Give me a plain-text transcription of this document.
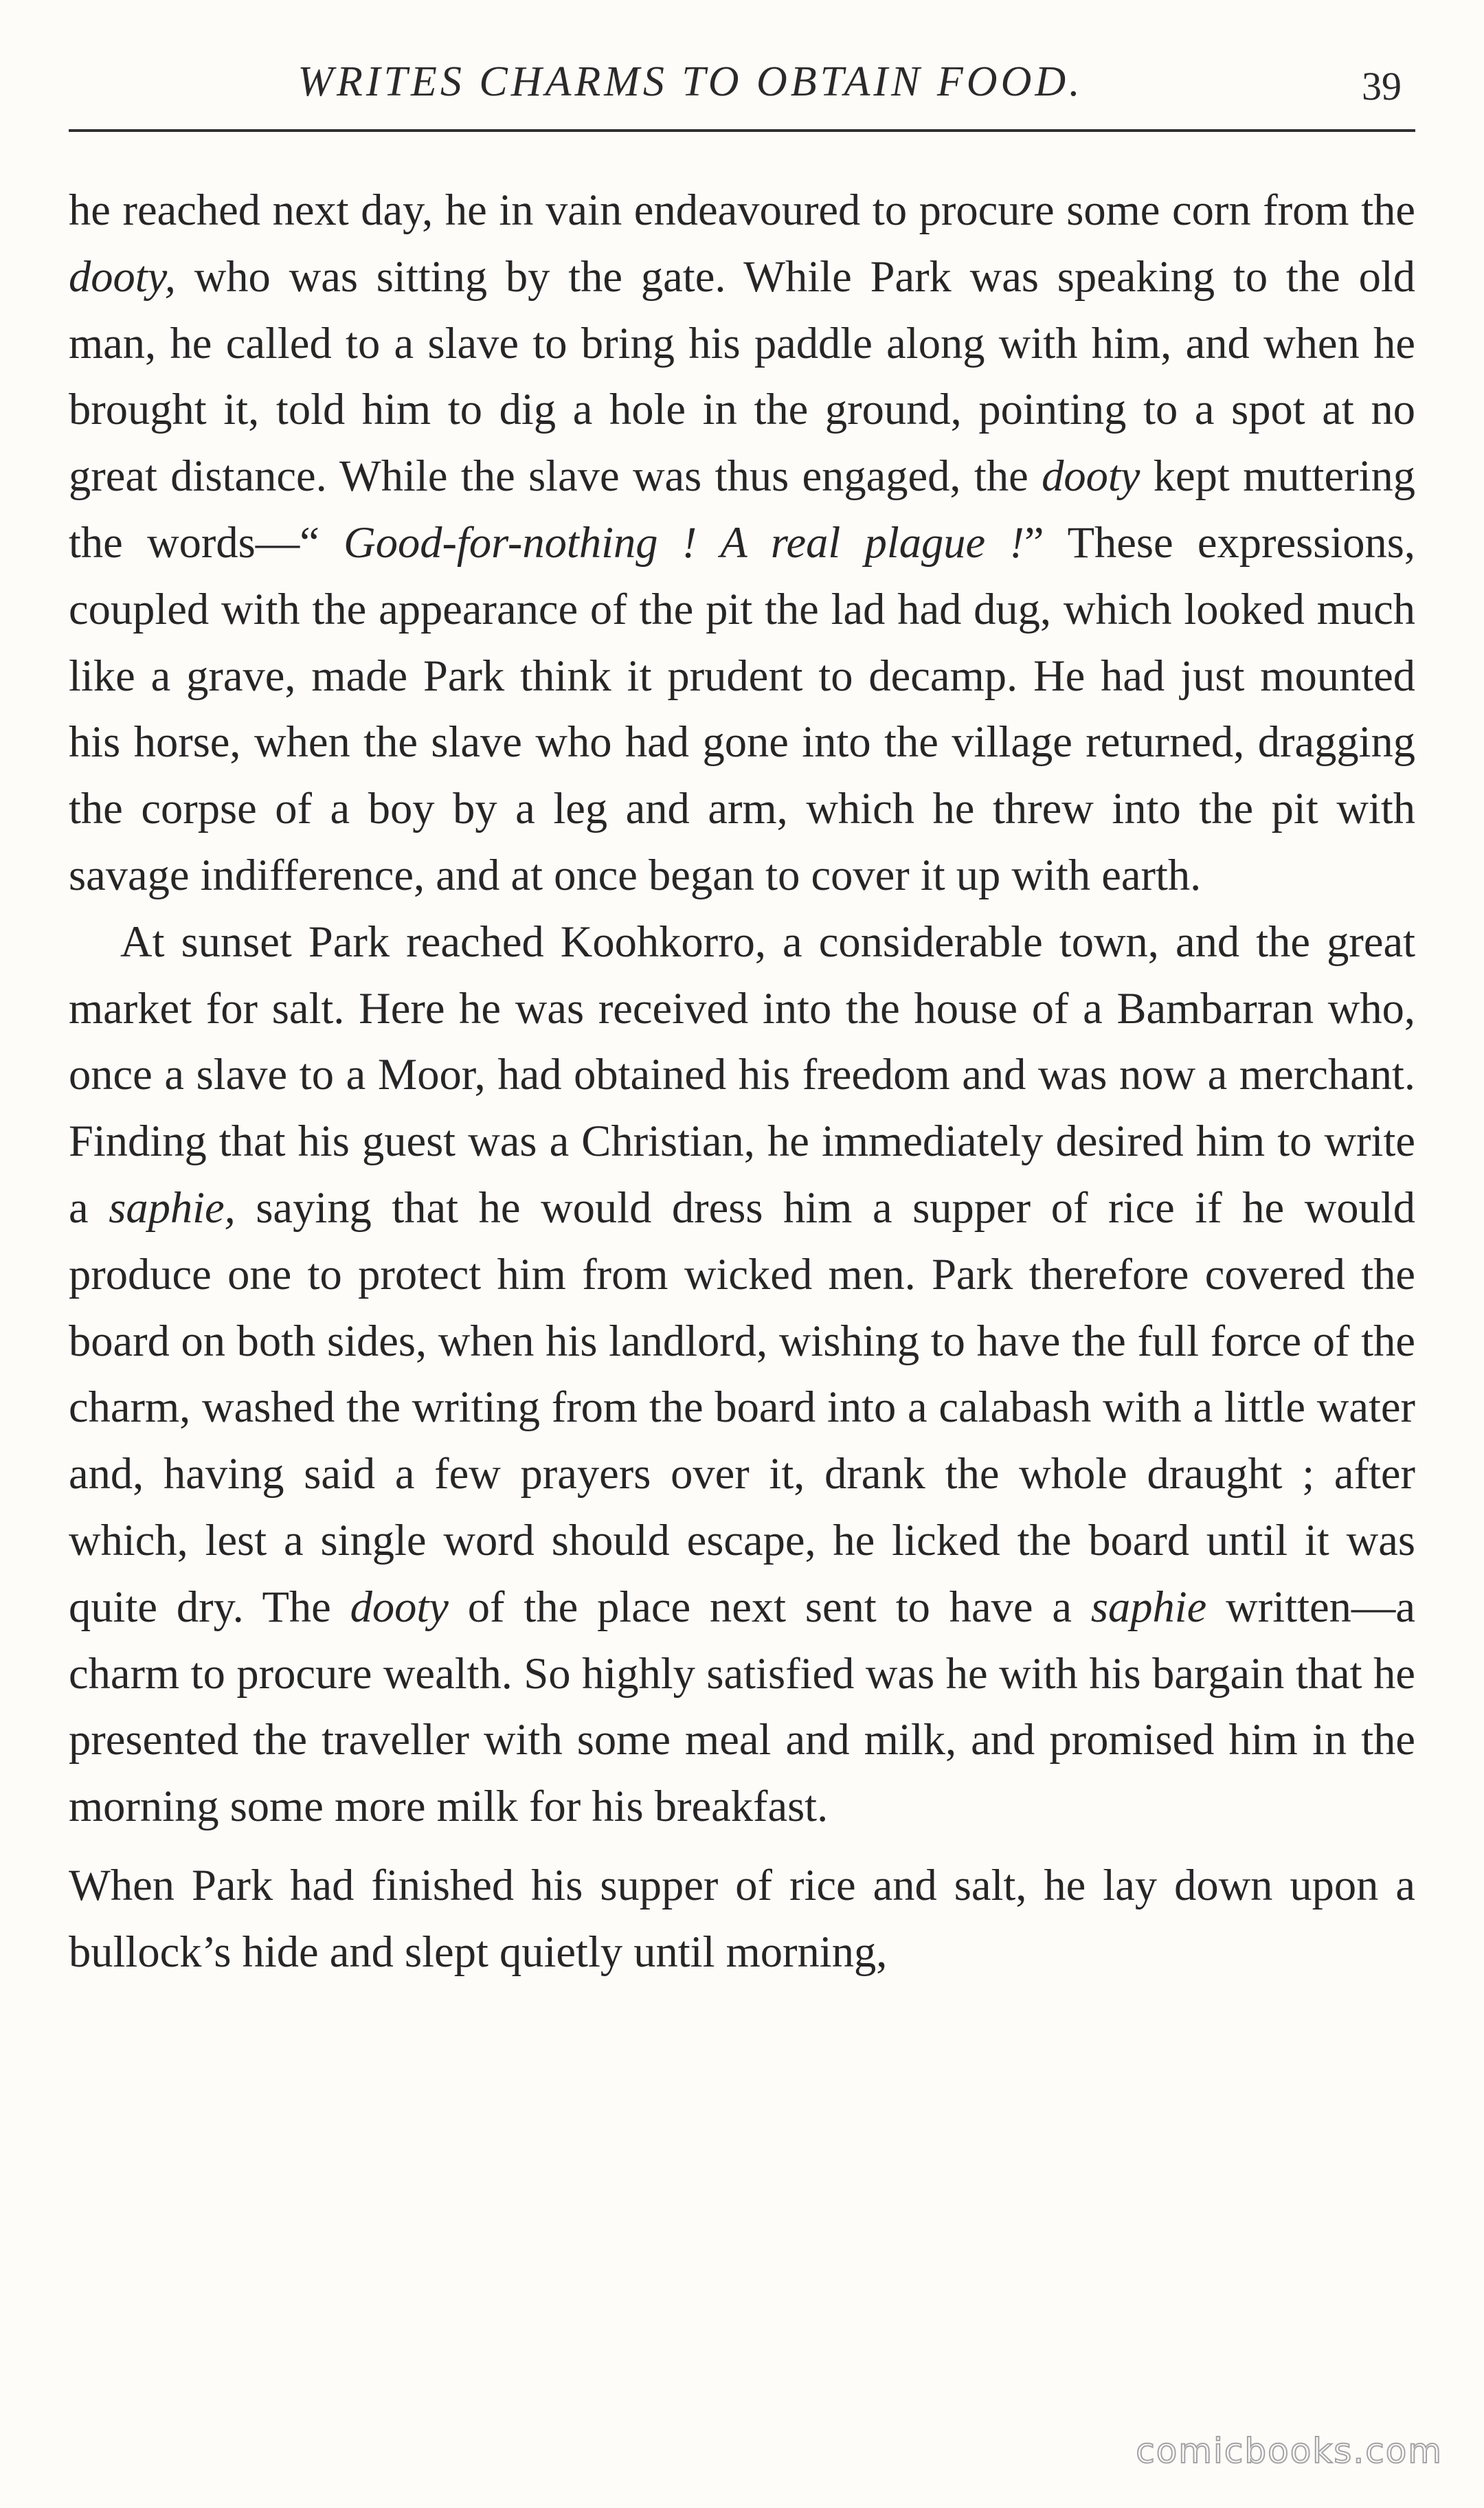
WRITES CHARMS TO OBTAIN FOOD.	39

he reached next day, he in vain endeavoured to procure some corn from the dooty, who was sitting by the gate. While Park was speaking to the old man, he called to a slave to bring his paddle along with him, and when he brought it, told him to dig a hole in the ground, pointing to a spot at no great distance. While the slave was thus engaged, the dooty kept muttering the words—“ Good-for-nothing ! A real plague !” These expressions, coupled with the appearance of the pit the lad had dug, which looked much like a grave, made Park think it prudent to decamp. He had just mounted his horse, when the slave who had gone into the village returned, dragging the corpse of a boy by a leg and arm, which he threw into the pit with savage indifference, and at once began to cover it up with earth.

At sunset Park reached Koohkorro, a considerable town, and the great market for salt. Here he was received into the house of a Bambarran who, once a slave to a Moor, had obtained his freedom and was now a merchant. Finding that his guest was a Christian, he immediately desired him to write a saphie, saying that he would dress him a supper of rice if he would produce one to protect him from wicked men. Park therefore covered the board on both sides, when his landlord, wishing to have the full force of the charm, washed the writing from the board into a calabash with a little water and, having said a few prayers over it, drank the whole draught ; after which, lest a single word should escape, he licked the board until it was quite dry. The dooty of the place next sent to have a saphie written—a charm to procure wealth. So highly satisfied was he with his bargain that he presented the traveller with some meal and milk, and promised him in the morning some more milk for his breakfast.

When Park had finished his supper of rice and salt, he lay down upon a bullock’s hide and slept quietly until morning,

comicbooks.com
